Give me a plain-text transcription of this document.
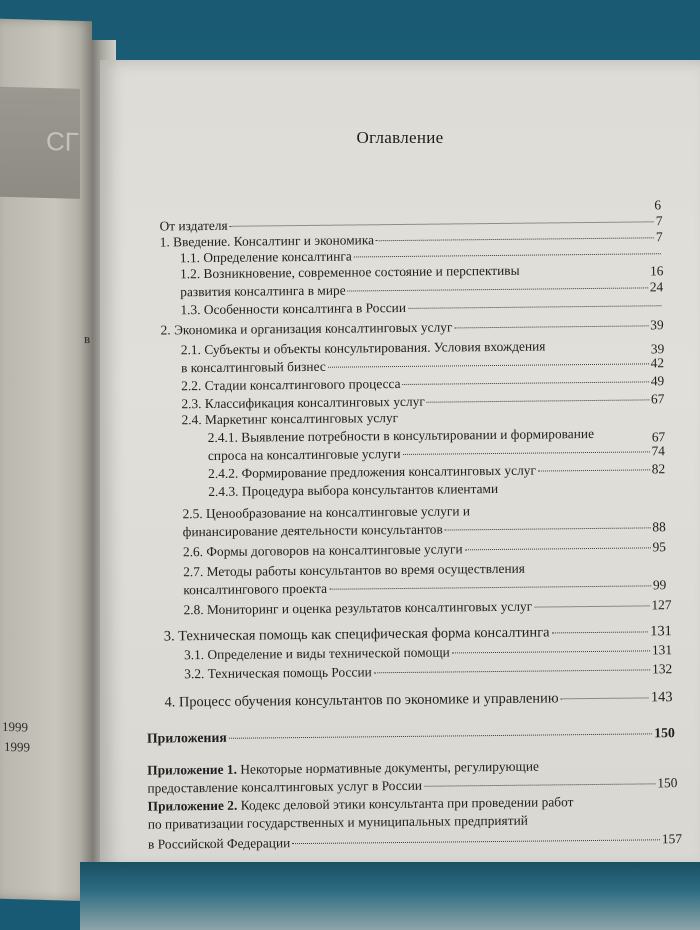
СГ
в
1999
1999
Оглавление
6
От издателя	7
1. Введение. Консалтинг и экономика	7
1.1. Определение консалтинга
1.2. Возникновение, современное состояние и перспективы	16
развития консалтинга в мире	24
1.3. Особенности консалтинга в России
2. Экономика и организация консалтинговых услуг	39
2.1. Субъекты и объекты консультирования. Условия вхождения	39
в консалтинговый бизнес	42
2.2. Стадии консалтингового процесса	49
2.3. Классификация консалтинговых услуг	67
2.4. Маркетинг консалтинговых услуг
2.4.1. Выявление потребности в консультировании и формирование	67
спроса на консалтинговые услуги	74
2.4.2. Формирование предложения консалтинговых услуг	82
2.4.3. Процедура выбора консультантов клиентами
2.5. Ценообразование на консалтинговые услуги и
финансирование деятельности консультантов	88
2.6. Формы договоров на консалтинговые услуги	95
2.7. Методы работы консультантов во время осуществления
консалтингового проекта	99
2.8. Мониторинг и оценка результатов консалтинговых услуг	127
3. Техническая помощь как специфическая форма консалтинга	131
3.1. Определение и виды технической помощи	131
3.2. Техническая помощь России	132
4. Процесс обучения консультантов по экономике и управлению	143
Приложения	150
Приложение 1. Некоторые нормативные документы, регулирующие
предоставление консалтинговых услуг в России	150
Приложение 2. Кодекс деловой этики консультанта при проведении работ
по приватизации государственных и муниципальных предприятий
в Российской Федерации	157
